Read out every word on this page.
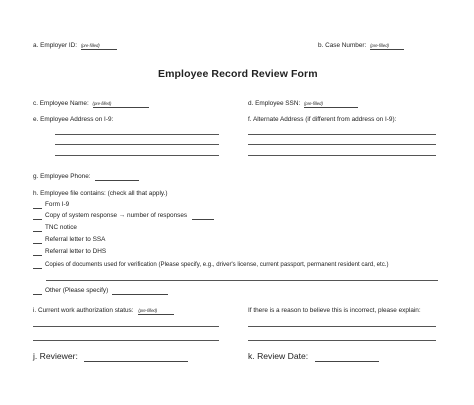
a. Employer ID: (pre-filled)	b. Case Number: (pre-filled)
Employee Record Review Form
c. Employee Name: (pre-filled)	d. Employee SSN: (pre-filled)
e. Employee Address on I-9:	f. Alternate Address (if different from address on I-9):
g. Employee Phone:
h. Employee file contains: (check all that apply.)
Form I-9
Copy of system response → number of responses
TNC notice
Referral letter to SSA
Referral letter to DHS
Copies of documents used for verification (Please specify, e.g., driver's license, current passport, permanent resident card, etc.)
Other (Please specify)
i. Current work authorization status: (pre-filled)	If there is a reason to believe this is incorrect, please explain:
j. Reviewer:	k. Review Date:
